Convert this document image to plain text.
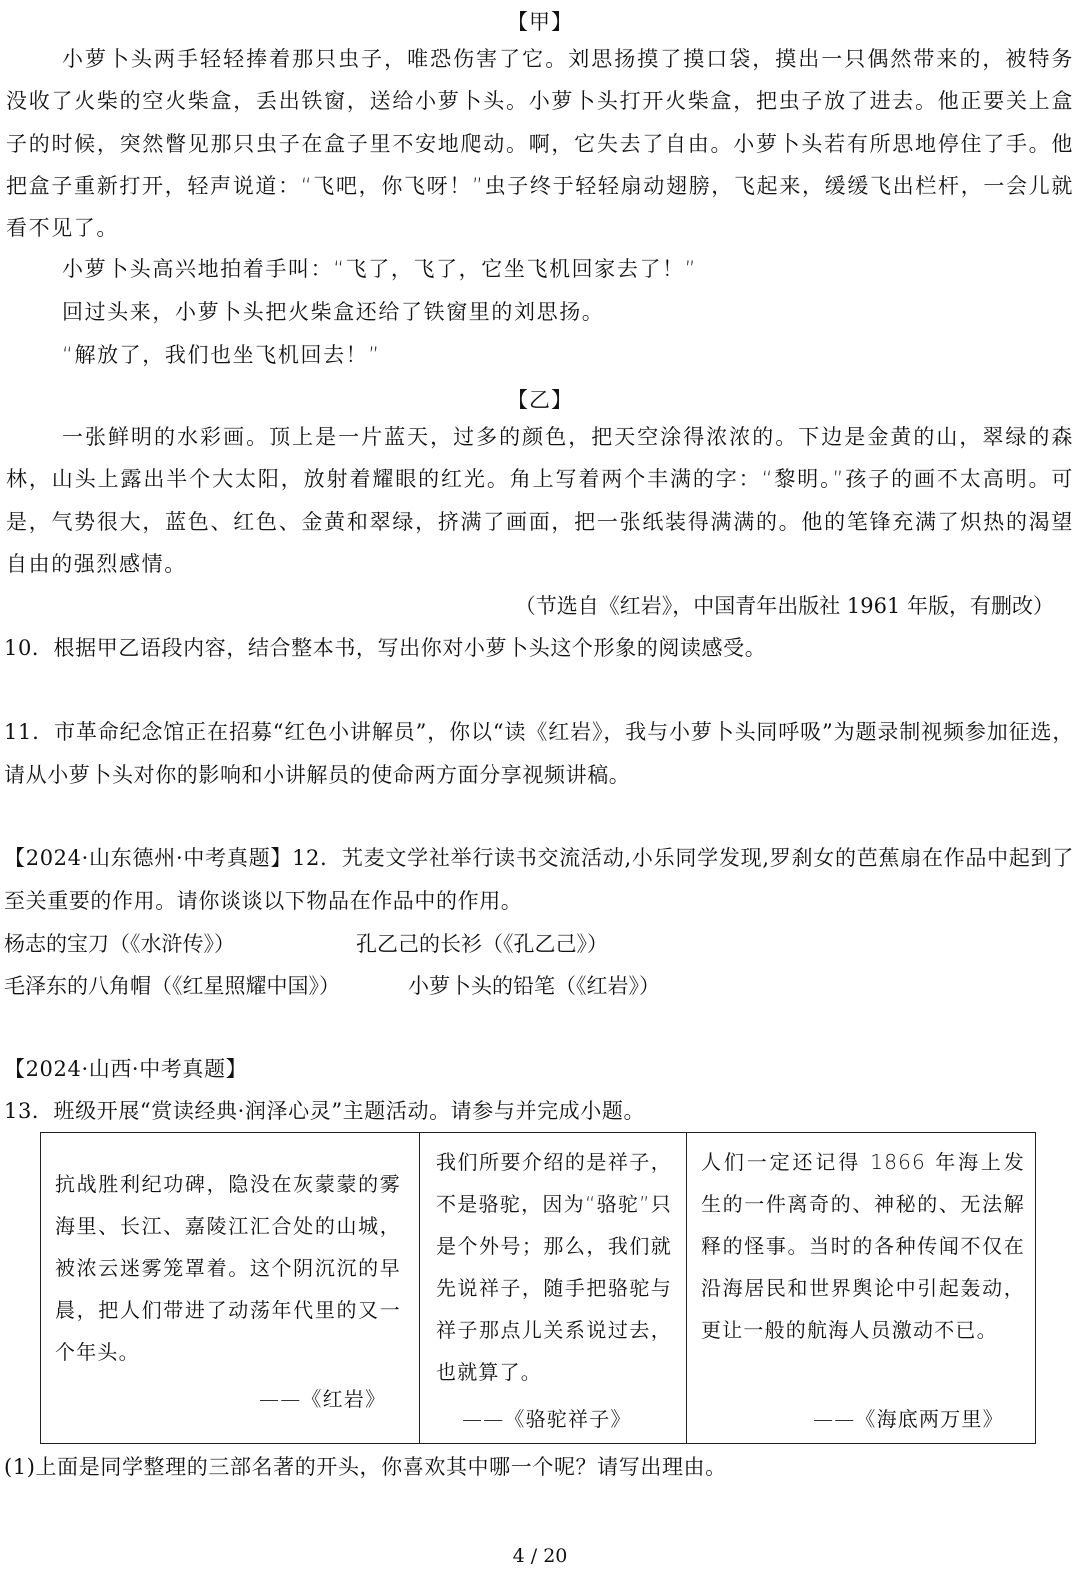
【甲】
小萝卜头两手轻轻捧着那只虫子，唯恐伤害了它。刘思扬摸了摸口袋，摸出一只偶然带来的，被特务没收了火柴的空火柴盒，丢出铁窗，送给小萝卜头。小萝卜头打开火柴盒，把虫子放了进去。他正要关上盒子的时候，突然瞥见那只虫子在盒子里不安地爬动。啊，它失去了自由。小萝卜头若有所思地停住了手。他把盒子重新打开，轻声说道：“飞吧，你飞呀！”虫子终于轻轻扇动翅膀，飞起来，缓缓飞出栏杆，一会儿就看不见了。
小萝卜头高兴地拍着手叫：“飞了，飞了，它坐飞机回家去了！”
回过头来，小萝卜头把火柴盒还给了铁窗里的刘思扬。
“解放了，我们也坐飞机回去！”
【乙】
一张鲜明的水彩画。顶上是一片蓝天，过多的颜色，把天空涂得浓浓的。下边是金黄的山，翠绿的森林，山头上露出半个大太阳，放射着耀眼的红光。角上写着两个丰满的字：“黎明。”孩子的画不太高明。可是，气势很大，蓝色、红色、金黄和翠绿，挤满了画面，把一张纸装得满满的。他的笔锋充满了炽热的渴望自由的强烈感情。
（节选自《红岩》，中国青年出版社 1961 年版，有删改）
10．根据甲乙语段内容，结合整本书，写出你对小萝卜头这个形象的阅读感受。
11．市革命纪念馆正在招募“红色小讲解员”，你以“读《红岩》，我与小萝卜头同呼吸”为题录制视频参加征选，请从小萝卜头对你的影响和小讲解员的使命两方面分享视频讲稿。
【2024·山东德州·中考真题】12．艽麦文学社举行读书交流活动,小乐同学发现,罗刹女的芭蕉扇在作品中起到了至关重要的作用。请你谈谈以下物品在作品中的作用。
杨志的宝刀（《水浒传》）	孔乙己的长衫（《孔乙己》）
毛泽东的八角帽（《红星照耀中国》）	小萝卜头的铅笔（《红岩》）
【2024·山西·中考真题】
13．班级开展“赏读经典·润泽心灵”主题活动。请参与并完成小题。
抗战胜利纪功碑，隐没在灰蒙蒙的雾海里、长江、嘉陵江汇合处的山城，被浓云迷雾笼罩着。这个阴沉沉的早晨，把人们带进了动荡年代里的又一个年头。
——《红岩》

我们所要介绍的是祥子，不是骆驼，因为“骆驼”只是个外号；那么，我们就先说祥子，随手把骆驼与祥子那点儿关系说过去，也就算了。
——《骆驼祥子》

人们一定还记得 1866 年海上发生的一件离奇的、神秘的、无法解释的怪事。当时的各种传闻不仅在沿海居民和世界舆论中引起轰动，更让一般的航海人员激动不已。
——《海底两万里》
(1)上面是同学整理的三部名著的开头，你喜欢其中哪一个呢？请写出理由。
4 / 20
